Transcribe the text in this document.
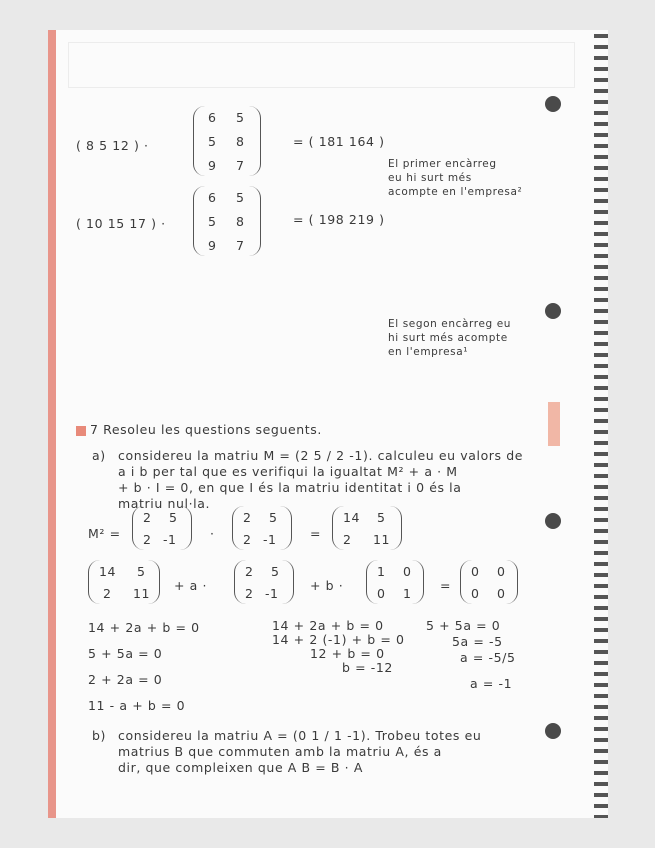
( 8 5 12 ) ·
6 5
5 8
9 7
= ( 181 164 )
El primer encàrreg
eu hi surt més
acompte en l'empresa²
( 10 15 17 ) ·
6 5
5 8
9 7
= ( 198 219 )
El segon encàrreg eu
hi surt més acompte
en l'empresa¹
7 Resoleu les questions seguents.
a) considereu la matriu M = (2 5 / 2 -1). calculeu eu valors de
a i b per tal que es verifiqui la igualtat M² + a · M
+ b · I = 0, en que I és la matriu identitat i 0 és la
matriu nul·la.
M² =
2 5
2 -1	·
2 5
2 -1	=
14 5
2 11
14 5
2 11
+ a ·
2 5
2 -1
+ b ·
1 0
0 1
=
0 0
0 0
14 + 2a + b = 0
5 + 5a = 0
2 + 2a = 0
11 - a + b = 0
14 + 2a + b = 0
14 + 2 (-1) + b = 0
12 + b = 0
b = -12
5 + 5a = 0
5a = -5
a = -5/5
a = -1
b) considereu la matriu A = (0 1 / 1 -1). Trobeu totes eu
matrius B que commuten amb la matriu A, és a
dir, que compleixen que A B = B · A
